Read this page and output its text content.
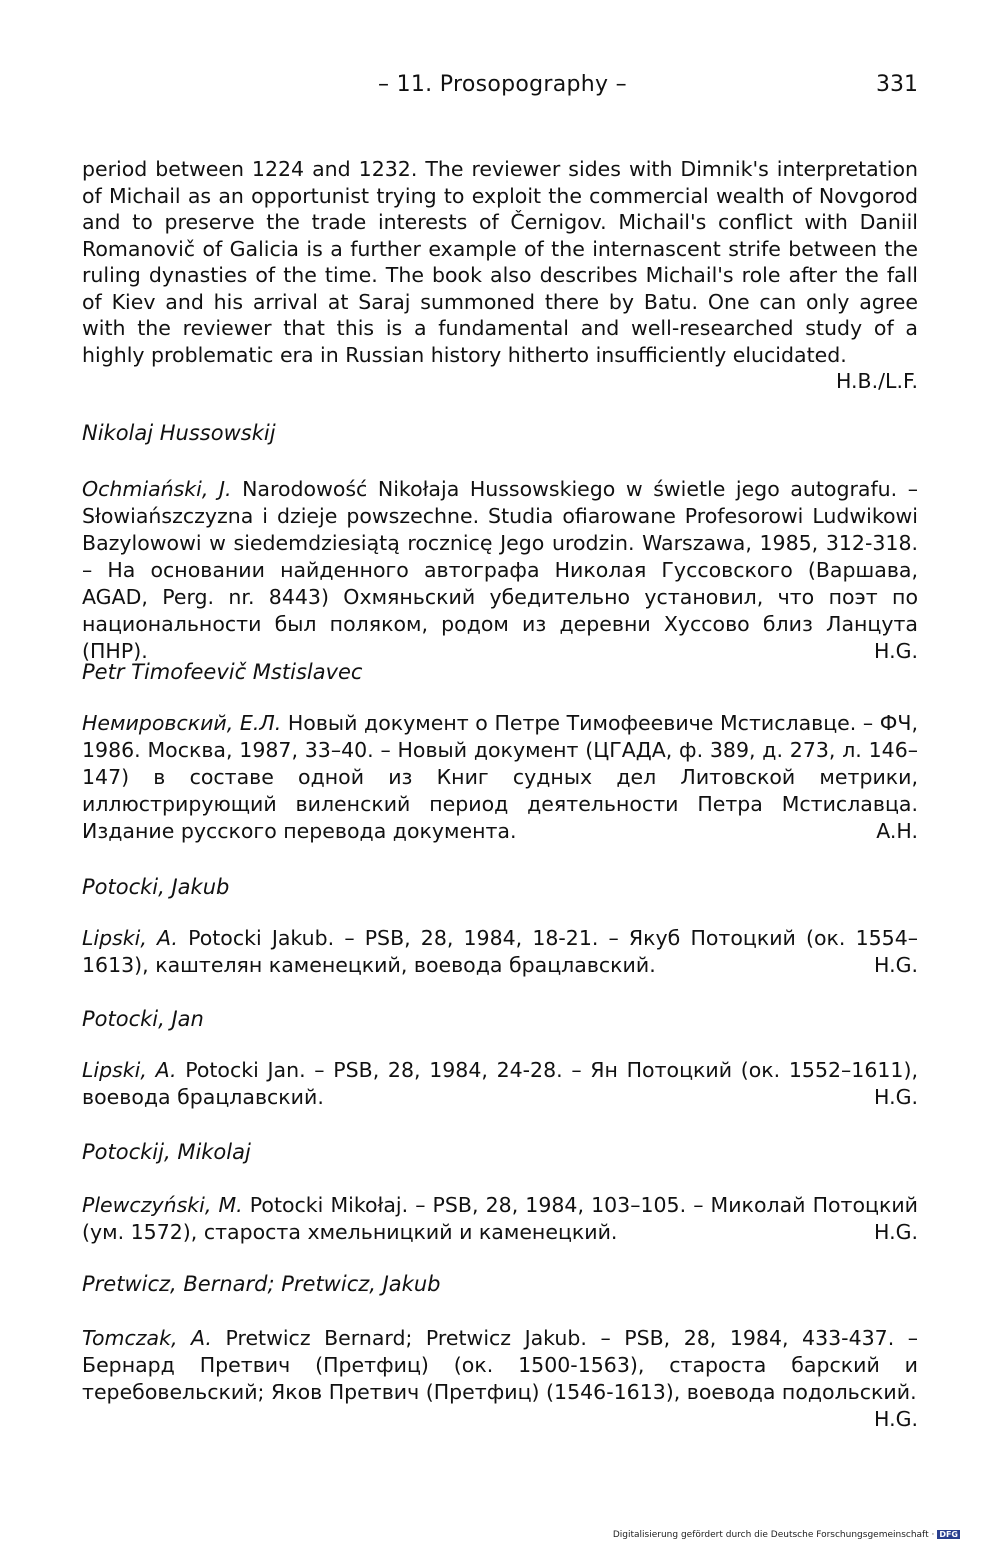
– 11. Prosopography –	331
period between 1224 and 1232. The reviewer sides with Dimnik's interpretation of Michail as an opportunist trying to exploit the commercial wealth of Novgorod and to preserve the trade interests of Černigov. Michail's conflict with Daniil Romanovič of Galicia is a further example of the internascent strife between the ruling dynasties of the time. The book also describes Michail's role after the fall of Kiev and his arrival at Saraj summoned there by Batu. One can only agree with the reviewer that this is a fundamental and well-researched study of a highly problematic era in Russian history hitherto insufficiently elucidated.
H.B./L.F.
Nikolaj Hussowskij
Ochmiański, J. Narodowość Nikołaja Hussowskiego w świetle jego autografu. – Słowiańszczyzna i dzieje powszechne. Studia ofiarowane Profesorowi Ludwikowi Bazylowowi w siedemdziesiątą rocznicę Jego urodzin. Warszawa, 1985, 312-318. – На основании найденного автографа Николая Гуссовского (Варшава, AGAD, Perg. nr. 8443) Охмяньский убедительно установил, что поэт по национальности был поляком, родом из деревни Хуссово близ Ланцута (ПНР).	H.G.
Petr Timofeevič Mstislavec
Немировский, Е.Л. Новый документ о Петре Тимофеевиче Мстиславце. – ФЧ, 1986. Москва, 1987, 33–40. – Новый документ (ЦГАДА, ф. 389, д. 273, л. 146–147) в составе одной из Книг судных дел Литовской метрики, иллюстрирующий виленский период деятельности Петра Мстиславца. Издание русского перевода документа.	A.H.
Potocki, Jakub
Lipski, A. Potocki Jakub. – PSB, 28, 1984, 18-21. – Якуб Потоцкий (ок. 1554–1613), каштелян каменецкий, воевода брацлавский.	H.G.
Potocki, Jan
Lipski, A. Potocki Jan. – PSB, 28, 1984, 24-28. – Ян Потоцкий (ок. 1552–1611), воевода брацлавский.	H.G.
Potockij, Mikolaj
Plewczyński, M. Potocki Mikołaj. – PSB, 28, 1984, 103–105. – Миколай Потоцкий (ум. 1572), староста хмельницкий и каменецкий.	H.G.
Pretwicz, Bernard; Pretwicz, Jakub
Tomczak, A. Pretwicz Bernard; Pretwicz Jakub. – PSB, 28, 1984, 433-437. – Бернард Претвич (Претфиц) (ок. 1500-1563), староста барский и теребовельский; Яков Претвич (Претфиц) (1546-1613), воевода подольский.
H.G.
Digitalisierung gefördert durch die Deutsche Forschungsgemeinschaft · DFG
